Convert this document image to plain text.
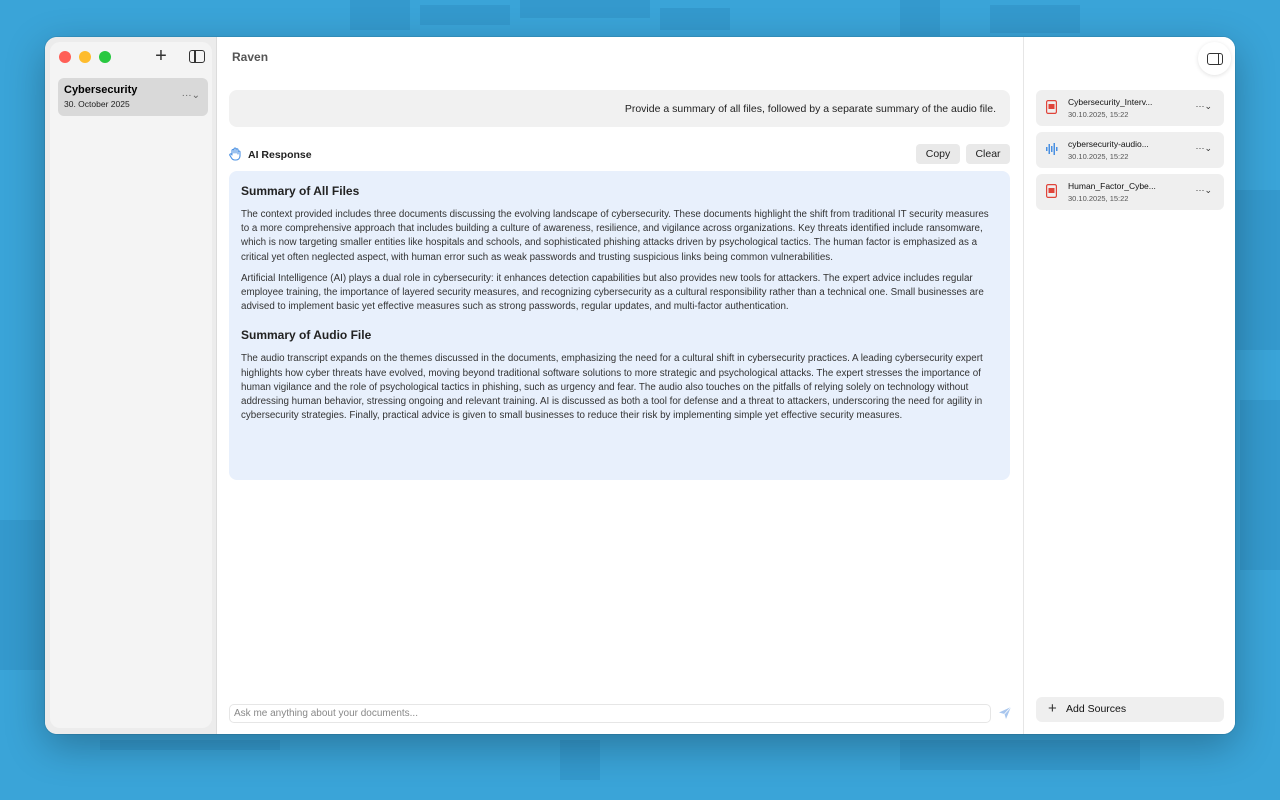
+
Cybersecurity
30. October 2025
···⌄
Raven
Provide a summary of all files, followed by a separate summary of the audio file.
AI Response	Copy	Clear
Summary of All Files

The context provided includes three documents discussing the evolving landscape of cybersecurity. These documents highlight the shift from traditional IT security measures to a more comprehensive approach that includes building a culture of awareness, resilience, and vigilance across organizations. Key threats identified include ransomware, which is now targeting smaller entities like hospitals and schools, and sophisticated phishing attacks driven by psychological tactics. The human factor is emphasized as a critical yet often neglected aspect, with human error such as weak passwords and trusting suspicious links being common vulnerabilities.

Artificial Intelligence (AI) plays a dual role in cybersecurity: it enhances detection capabilities but also provides new tools for attackers. The expert advice includes regular employee training, the importance of layered security measures, and recognizing cybersecurity as a cultural responsibility rather than a technical one. Small businesses are advised to implement basic yet effective measures such as strong passwords, regular updates, and multi-factor authentication.

Summary of Audio File

The audio transcript expands on the themes discussed in the documents, emphasizing the need for a cultural shift in cybersecurity practices. A leading cybersecurity expert highlights how cyber threats have evolved, moving beyond traditional software solutions to more strategic and psychological attacks. The expert stresses the importance of human vigilance and the role of psychological tactics in phishing, such as urgency and fear. The audio also touches on the pitfalls of relying solely on technology without addressing human behavior, stressing ongoing and relevant training. AI is discussed as both a tool for defense and a threat to attackers, underscoring the need for agility in cybersecurity strategies. Finally, practical advice is given to small businesses to reduce their risk by implementing simple yet effective security measures.

Ask me anything about your documents...
Cybersecurity_Interv...
30.10.2025, 15:22
···⌄
cybersecurity-audio...
30.10.2025, 15:22
···⌄
Human_Factor_Cybe...
30.10.2025, 15:22
···⌄
+ Add Sources
